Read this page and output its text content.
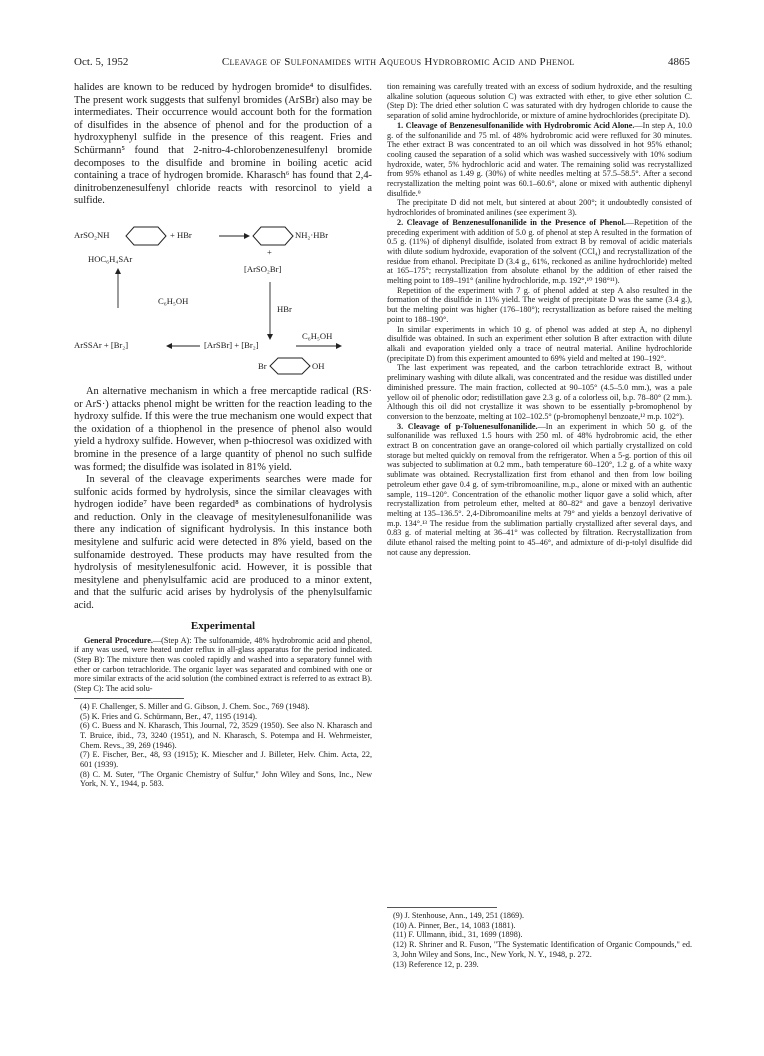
Oct. 5, 1952	Cleavage of Sulfonamides with Aqueous Hydrobromic Acid and Phenol	4865

halides are known to be reduced by hydrogen bromide⁴ to disulfides. The present work suggests that sulfenyl bromides (ArSBr) also may be intermediates. Their occurrence would account both for the formation of disulfides in the absence of phenol and for the production of a hydroxyphenyl sulfide in the presence of this reagent. Fries and Schürmann⁵ found that 2-nitro-4-chlorobenzenesulfenyl bromide decomposes to the disulfide and bromine in boiling acetic acid containing a trace of hydrogen bromide. Kharasch⁶ has found that 2,4-dinitrobenzenesulfenyl chloride reacts with resorcinol to yield a sulfide.

ArSO₂NH	+ HBr	NH₂·HBr
+
HOC₆H₄SAr
[ArSO₂Br]
C₆H₅OH
HBr
ArSSAr + [Br₂]	[ArSBr] + [Br₂]
C₆H₅OH
Br	OH

An alternative mechanism in which a free mercaptide radical (RS· or ArS·) attacks phenol might be written for the reaction leading to the hydroxy sulfide. If this were the true mechanism one would expect that the oxidation of a thiophenol in the presence of phenol also would yield a hydroxy sulfide. However, when p-thiocresol was oxidized with bromine in the presence of a large quantity of phenol no such sulfide was formed; the disulfide was isolated in 81% yield.

In several of the cleavage experiments searches were made for sulfonic acids formed by hydrolysis, since the similar cleavages with hydrogen iodide⁷ have been regarded⁸ as combinations of hydrolysis and reduction. Only in the cleavage of mesitylenesulfonanilide was there any indication of significant hydrolysis. In this instance both mesitylene and sulfuric acid were detected in 8% yield, based on the sulfonamide destroyed. These products may have resulted from the hydrolysis of mesitylenesulfonic acid. However, it is possible that mesitylene and phenylsulfamic acid are produced to a minor extent, and that the sulfuric acid arises by hydrolysis of the phenylsulfamic acid.

Experimental

General Procedure.—(Step A): The sulfonamide, 48% hydrobromic acid and phenol, if any was used, were heated under reflux in all-glass apparatus for the period indicated. (Step B): The mixture then was cooled rapidly and washed into a separatory funnel with ether or carbon tetrachloride. The organic layer was separated and combined with one or more similar extracts of the acid solution (the combined extract is referred to as extract B). (Step C): The acid solu-

(4) F. Challenger, S. Miller and G. Gibson, J. Chem. Soc., 769 (1948).

(5) K. Fries and G. Schürmann, Ber., 47, 1195 (1914).

(6) C. Buess and N. Kharasch, This Journal, 72, 3529 (1950). See also N. Kharasch and T. Bruice, ibid., 73, 3240 (1951), and N. Kharasch, S. Potempa and H. Wehrmeister, Chem. Revs., 39, 269 (1946).

(7) E. Fischer, Ber., 48, 93 (1915); K. Miescher and J. Billeter, Helv. Chim. Acta, 22, 601 (1939).

(8) C. M. Suter, "The Organic Chemistry of Sulfur," John Wiley and Sons, Inc., New York, N. Y., 1944, p. 583.

tion remaining was carefully treated with an excess of sodium hydroxide, and the resulting alkaline solution (aqueous solution C) was extracted with ether, to give ether solution C. (Step D): The dried ether solution C was saturated with dry hydrogen chloride to cause the separation of solid amine hydrochloride, or mixture of amine hydrochlorides (precipitate D).

1. Cleavage of Benzenesulfonanilide with Hydrobromic Acid Alone.—In step A, 10.0 g. of the sulfonanilide and 75 ml. of 48% hydrobromic acid were refluxed for 30 minutes. The ether extract B was concentrated to an oil which was dissolved in hot 95% ethanol; cooling caused the separation of a solid which was washed successively with 10% sodium hydroxide, water, 5% hydrochloric acid and water. The remaining solid was recrystallized from 95% ethanol as 1.49 g. (30%) of white needles melting at 57.5–58.5°. After a second recrystallization the melting point was 60.1–60.6°, alone or mixed with authentic diphenyl disulfide.⁹

The precipitate D did not melt, but sintered at about 200°; it undoubtedly consisted of hydrochlorides of brominated anilines (see experiment 3).

2. Cleavage of Benzenesulfonanilide in the Presence of Phenol.—Repetition of the preceding experiment with addition of 5.0 g. of phenol at step A resulted in the formation of 0.5 g. (11%) of diphenyl disulfide, isolated from extract B by removal of acidic materials with dilute sodium hydroxide, evaporation of the solvent (CCl₄) and recrystallization of the residue from ethanol. Precipitate D (3.4 g., 61%, reckoned as aniline hydrochloride) melted at 165–175°; recrystallization from absolute ethanol by the addition of ether raised the melting point to 189–191° (aniline hydrochloride, m.p. 192°,¹⁰ 198°¹¹).

Repetition of the experiment with 7 g. of phenol added at step A also resulted in the formation of the disulfide in 11% yield. The weight of precipitate D was the same (3.4 g.), but the melting point was higher (176–180°); recrystallization as before raised the melting point to 188–190°.

In similar experiments in which 10 g. of phenol was added at step A, no diphenyl disulfide was obtained. In such an experiment ether solution B after extraction with dilute alkali and evaporation yielded only a trace of neutral material. Aniline hydrochloride (precipitate D) from this experiment amounted to 69% yield and melted at 190–192°.

The last experiment was repeated, and the carbon tetrachloride extract B, without preliminary washing with dilute alkali, was concentrated and the residue was distilled under diminished pressure. The main fraction, collected at 90–105° (4.5–5.0 mm.), was a pale yellow oil of phenolic odor; redistillation gave 2.3 g. of a colorless oil, b.p. 78–80° (2 mm.). Although this oil did not crystallize it was shown to be essentially p-bromophenol by conversion to the benzoate, melting at 102–102.5° (p-bromophenyl benzoate,¹² m.p. 102°).

3. Cleavage of p-Toluenesulfonanilide.—In an experiment in which 50 g. of the sulfonanilide was refluxed 1.5 hours with 250 ml. of 48% hydrobromic acid, the ether extract B on concentration gave an orange-colored oil which partially crystallized on cold storage but melted quickly on removal from the refrigerator. When a 5-g. portion of this oil was subjected to sublimation at 0.2 mm., bath temperature 60–120°, 1.2 g. of a white waxy sublimate was obtained. Recrystallization first from ethanol and then from low boiling petroleum ether gave 0.4 g. of sym-tribromoaniline, m.p., alone or mixed with an authentic sample, 119–120°. Concentration of the ethanolic mother liquor gave a solid which, after recrystallization from petroleum ether, melted at 80–82° and gave a benzoyl derivative melting at 135–136.5°. 2,4-Dibromoaniline melts at 79° and yields a benzoyl derivative of m.p. 134°.¹³ The residue from the sublimation partially crystallized after several days, and 0.83 g. of material melting at 36–41° was collected by filtration. Recrystallization from dilute ethanol raised the melting point to 45–46°, and admixture of di-p-tolyl disulfide did not cause any depression.

(9) J. Stenhouse, Ann., 149, 251 (1869).

(10) A. Pinner, Ber., 14, 1083 (1881).

(11) F. Ullmann, ibid., 31, 1699 (1898).

(12) R. Shriner and R. Fuson, "The Systematic Identification of Organic Compounds," ed. 3, John Wiley and Sons, Inc., New York, N. Y., 1948, p. 272.

(13) Reference 12, p. 239.
